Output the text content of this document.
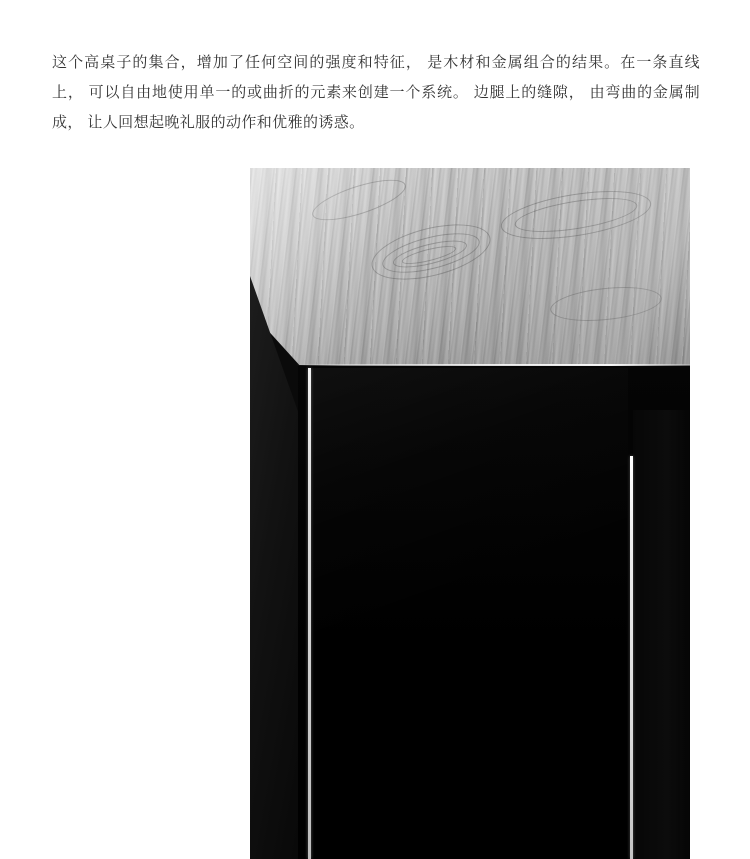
这个高桌子的集合，增加了任何空间的强度和特征， 是木材和金属组合的结果。在一条直线上， 可以自由地使用单一的或曲折的元素来创建一个系统。 边腿上的缝隙， 由弯曲的金属制成， 让人回想起晚礼服的动作和优雅的诱惑。
